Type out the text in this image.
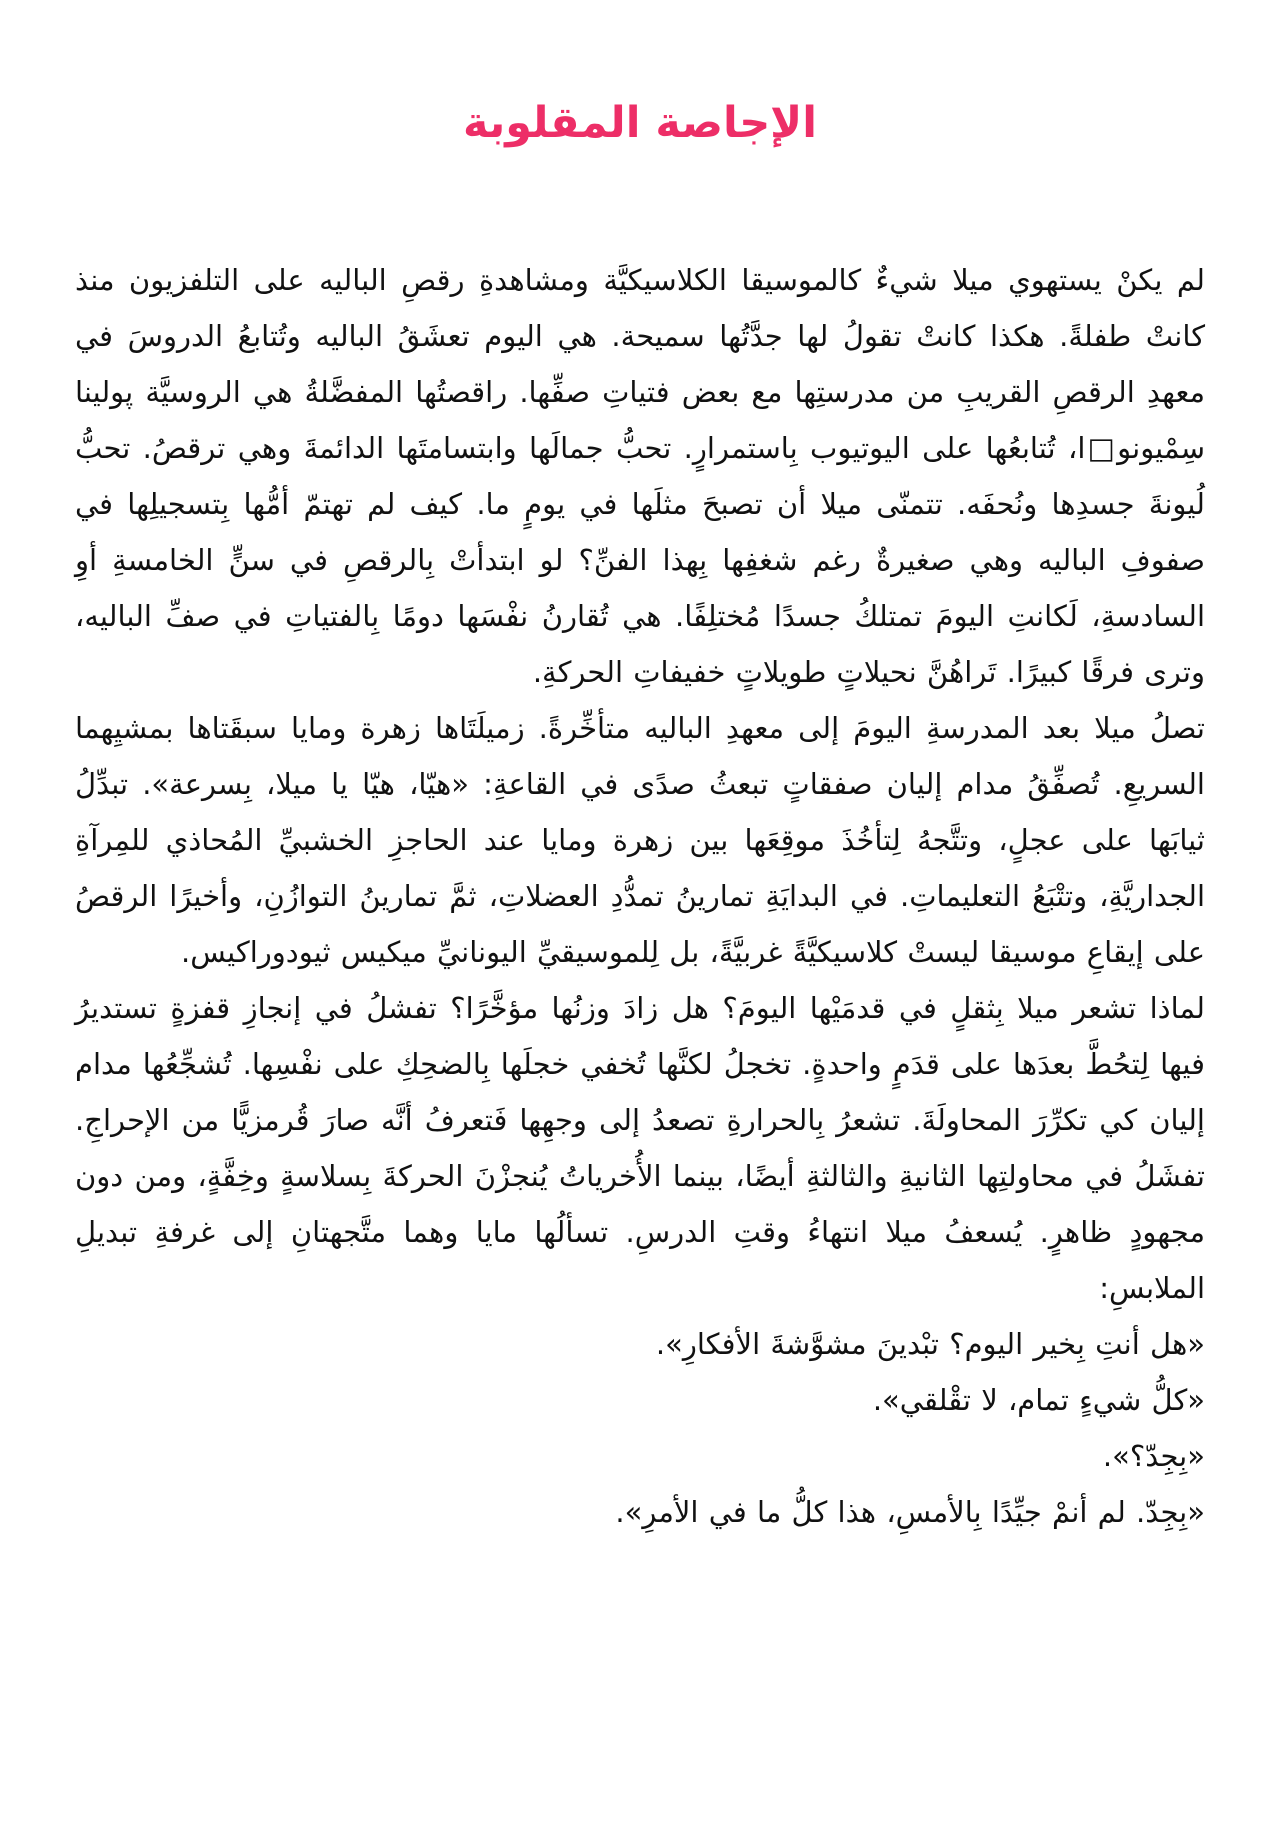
الإجاصة المقلوبة

لم يكنْ يستهوي ميلا شيءٌ كالموسيقا الكلاسيكيَّة ومشاهدةِ رقصِ الباليه على التلفزيون منذ كانتْ طفلةً. هكذا كانتْ تقولُ لها جدَّتُها سميحة. هي اليوم تعشَقُ الباليه وتُتابعُ الدروسَ في معهدِ الرقصِ القريبِ من مدرستِها مع بعض فتياتِ صفِّها. راقصتُها المفضَّلةُ هي الروسيَّة پولينا سِمْيونو□ا، تُتابعُها على اليوتيوب بِاستمرارٍ. تحبُّ جمالَها وابتسامتَها الدائمةَ وهي ترقصُ. تحبُّ لُيونةَ جسدِها ونُحفَه. تتمنّى ميلا أن تصبحَ مثلَها في يومٍ ما. كيف لم تهتمّ أمُّها بِتسجيلِها في صفوفِ الباليه وهي صغيرةٌ رغم شغفِها بِهذا الفنِّ؟ لو ابتدأتْ بِالرقصِ في سنٍّ الخامسةِ أوِ السادسةِ، لَكانتِ اليومَ تمتلكُ جسدًا مُختلِفًا. هي تُقارنُ نفْسَها دومًا بِالفتياتِ في صفِّ الباليه، وترى فرقًا كبيرًا. تَراهُنَّ نحيلاتٍ طويلاتٍ خفيفاتِ الحركةِ.

تصلُ ميلا بعد المدرسةِ اليومَ إلى معهدِ الباليه متأخِّرةً. زميلَتَاها زهرة ومايا سبقَتاها بمشيِهما السريعِ. تُصفِّقُ مدام إليان صفقاتٍ تبعثُ صدًى في القاعةِ: «هيّا، هيّا يا ميلا، بِسرعة». تبدِّلُ ثيابَها على عجلٍ، وتتَّجهُ لِتأخُذَ موقِعَها بين زهرة ومايا عند الحاجزِ الخشبيِّ المُحاذي للمِرآةِ الجداريَّةِ، وتتْبَعُ التعليماتِ. في البدايَةِ تمارينُ تمدُّدِ العضلاتِ، ثمَّ تمارينُ التوازُنِ، وأخيرًا الرقصُ على إيقاعِ موسيقا ليستْ كلاسيكيَّةً غربيَّةً، بل لِلموسيقيِّ اليونانيِّ ميكيس ثيودوراكيس.

لماذا تشعر ميلا بِثقلٍ في قدمَيْها اليومَ؟ هل زادَ وزنُها مؤخَّرًا؟ تفشلُ في إنجازِ قفزةٍ تستديرُ فيها لِتحُطَّ بعدَها على قدَمٍ واحدةٍ. تخجلُ لكنَّها تُخفي خجلَها بِالضحِكِ على نفْسِها. تُشجِّعُها مدام إليان كي تكرِّرَ المحاولَةَ. تشعرُ بِالحرارةِ تصعدُ إلى وجهِها فَتعرفُ أنَّه صارَ قُرمزيًّا من الإحراجِ. تفشَلُ في محاولتِها الثانيةِ والثالثةِ أيضًا، بينما الأُخرياتُ يُنجزْنَ الحركةَ بِسلاسةٍ وخِفَّةٍ، ومن دون مجهودٍ ظاهرٍ. يُسعفُ ميلا انتهاءُ وقتِ الدرسِ. تسألُها مايا وهما متَّجهتانِ إلى غرفةِ تبديلِ الملابسِ:

«هل أنتِ بِخير اليوم؟ تبْدينَ مشوَّشةَ الأفكارِ».

«كلُّ شيءٍ تمام، لا تقْلقي».

«بِجِدّ؟».

«بِجِدّ. لم أنمْ جيِّدًا بِالأمسِ، هذا كلُّ ما في الأمرِ».
